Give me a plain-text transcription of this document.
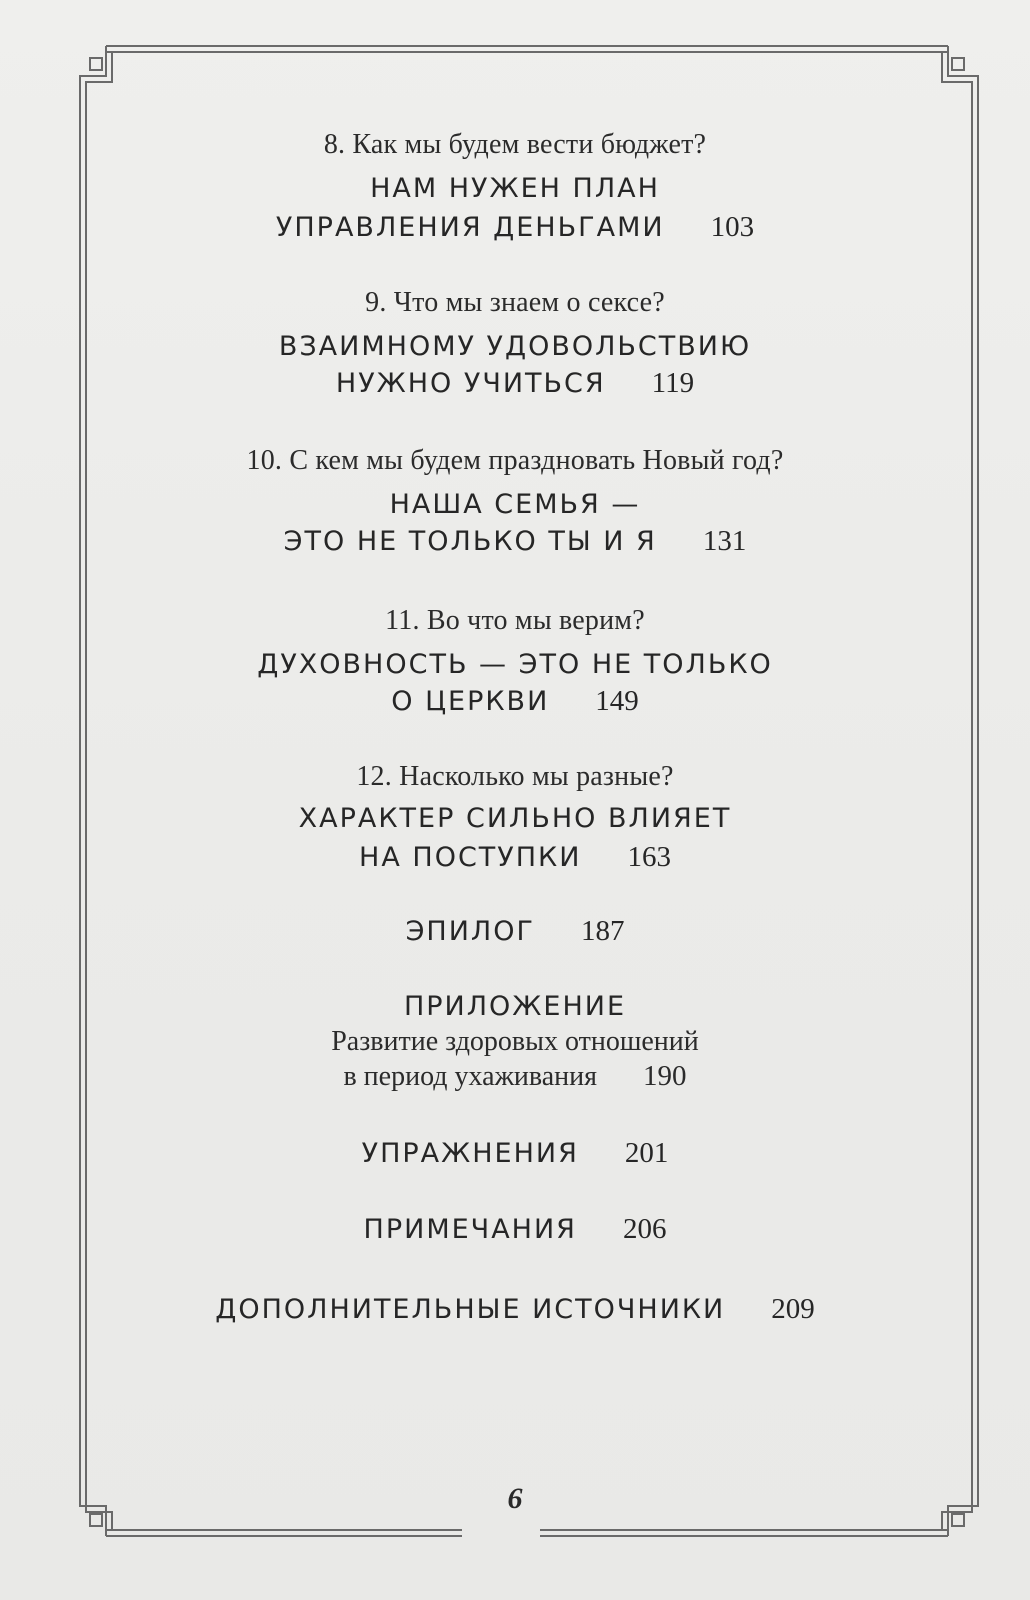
8. Как мы будем вести бюджет?
НАМ НУЖЕН ПЛАН
УПРАВЛЕНИЯ ДЕНЬГАМИ 103
9. Что мы знаем о сексе?
ВЗАИМНОМУ УДОВОЛЬСТВИЮ
НУЖНО УЧИТЬСЯ 119
10. С кем мы будем праздновать Новый год?
НАША СЕМЬЯ —
ЭТО НЕ ТОЛЬКО ТЫ И Я 131
11. Во что мы верим?
ДУХОВНОСТЬ — ЭТО НЕ ТОЛЬКО
О ЦЕРКВИ 149
12. Насколько мы разные?
ХАРАКТЕР СИЛЬНО ВЛИЯЕТ
НА ПОСТУПКИ 163
ЭПИЛОГ 187
ПРИЛОЖЕНИЕ
Развитие здоровых отношений
в период ухаживания 190
УПРАЖНЕНИЯ 201
ПРИМЕЧАНИЯ 206
ДОПОЛНИТЕЛЬНЫЕ ИСТОЧНИКИ 209
6
